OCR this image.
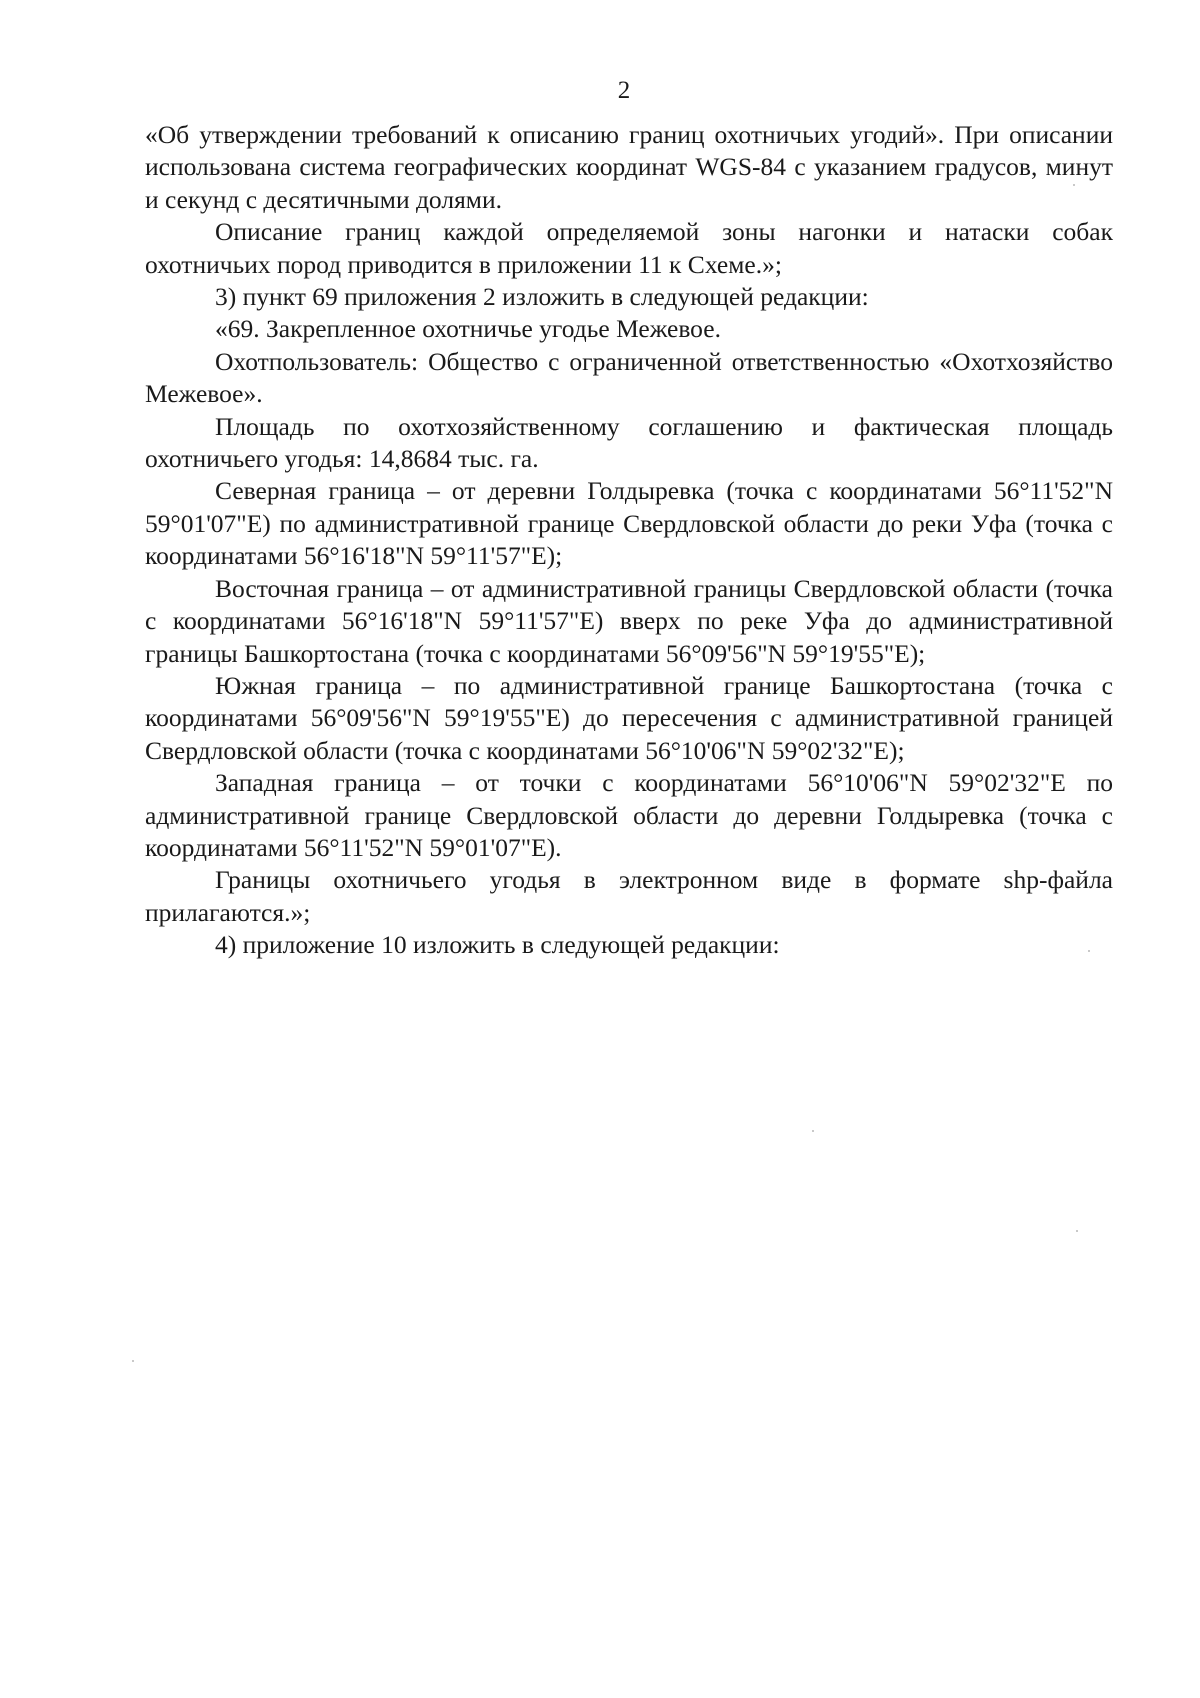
2

«Об утверждении требований к описанию границ охотничьих угодий». При описании использована система географических координат WGS-84 с указанием градусов, минут и секунд с десятичными долями.

Описание границ каждой определяемой зоны нагонки и натаски собак охотничьих пород приводится в приложении 11 к Схеме.»;

3) пункт 69 приложения 2 изложить в следующей редакции:

«69. Закрепленное охотничье угодье Межевое.

Охотпользователь: Общество с ограниченной ответственностью «Охотхозяйство Межевое».

Площадь по охотхозяйственному соглашению и фактическая площадь охотничьего угодья: 14,8684 тыс. га.

Северная граница – от деревни Голдыревка (точка с координатами 56°11'52"N 59°01'07"E) по административной границе Свердловской области до реки Уфа (точка с координатами 56°16'18"N 59°11'57"E);

Восточная граница – от административной границы Свердловской области (точка с координатами 56°16'18"N 59°11'57"E) вверх по реке Уфа до административной границы Башкортостана (точка с координатами 56°09'56"N 59°19'55"E);

Южная граница – по административной границе Башкортостана (точка с координатами 56°09'56"N 59°19'55"E) до пересечения с административной границей Свердловской области (точка с координатами 56°10'06"N 59°02'32"E);

Западная граница – от точки с координатами 56°10'06"N 59°02'32"E по административной границе Свердловской области до деревни Голдыревка (точка с координатами 56°11'52"N 59°01'07"E).

Границы охотничьего угодья в электронном виде в формате shp-файла прилагаются.»;

4) приложение 10 изложить в следующей редакции:
